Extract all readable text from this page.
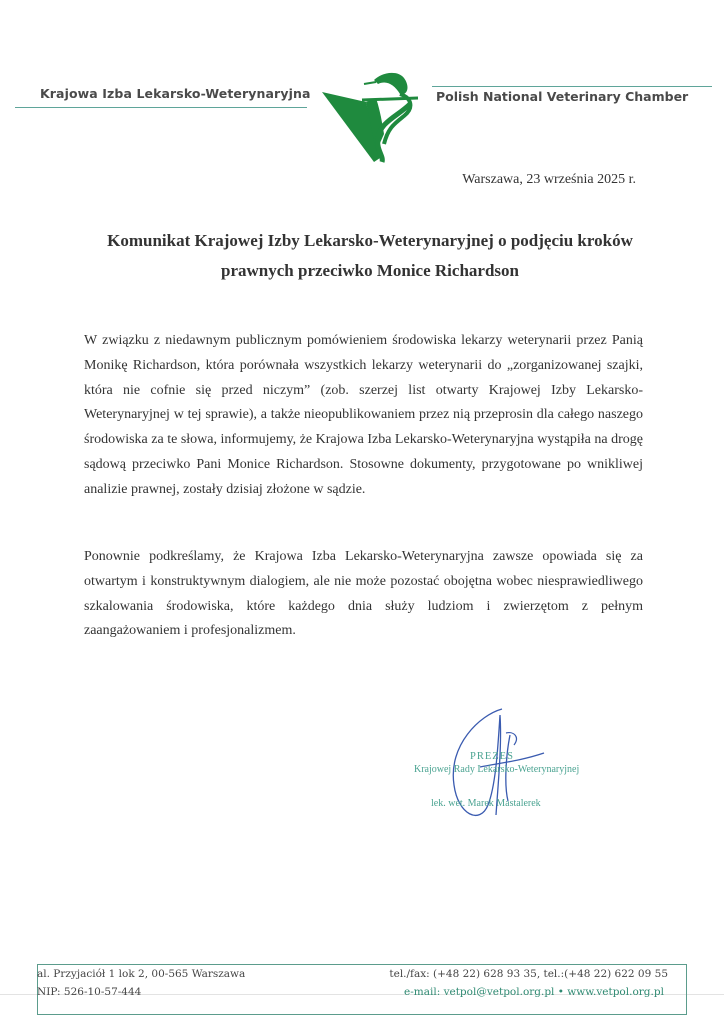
Krajowa Izba Lekarsko-Weterynaryjna	Polish National Veterinary Chamber
Warszawa, 23 września 2025 r.
Komunikat Krajowej Izby Lekarsko-Weterynaryjnej o podjęciu kroków
prawnych przeciwko Monice Richardson

W związku z niedawnym publicznym pomówieniem środowiska lekarzy weterynarii przez Panią Monikę Richardson, która porównała wszystkich lekarzy weterynarii do „zorganizowanej szajki, która nie cofnie się przed niczym” (zob. szerzej list otwarty Krajowej Izby Lekarsko-Weterynaryjnej w tej sprawie), a także nieopublikowaniem przez nią przeprosin dla całego naszego środowiska za te słowa, informujemy, że Krajowa Izba Lekarsko-Weterynaryjna wystąpiła na drogę sądową przeciwko Pani Monice Richardson. Stosowne dokumenty, przygotowane po wnikliwej analizie prawnej, zostały dzisiaj złożone w sądzie.

Ponownie podkreślamy, że Krajowa Izba Lekarsko-Weterynaryjna zawsze opowiada się za otwartym i konstruktywnym dialogiem, ale nie może pozostać obojętna wobec niesprawiedliwego szkalowania środowiska, które każdego dnia służy ludziom i zwierzętom z pełnym zaangażowaniem i profesjonalizmem.

PREZES
Krajowej Rady Lekarsko-Weterynaryjnej
lek. wet. Marek Mastalerek
al. Przyjaciół 1 lok 2, 00-565 Warszawa
NIP: 526-10-57-444
tel./fax: (+48 22) 628 93 35, tel.:(+48 22) 622 09 55
e-mail: vetpol@vetpol.org.pl • www.vetpol.org.pl
